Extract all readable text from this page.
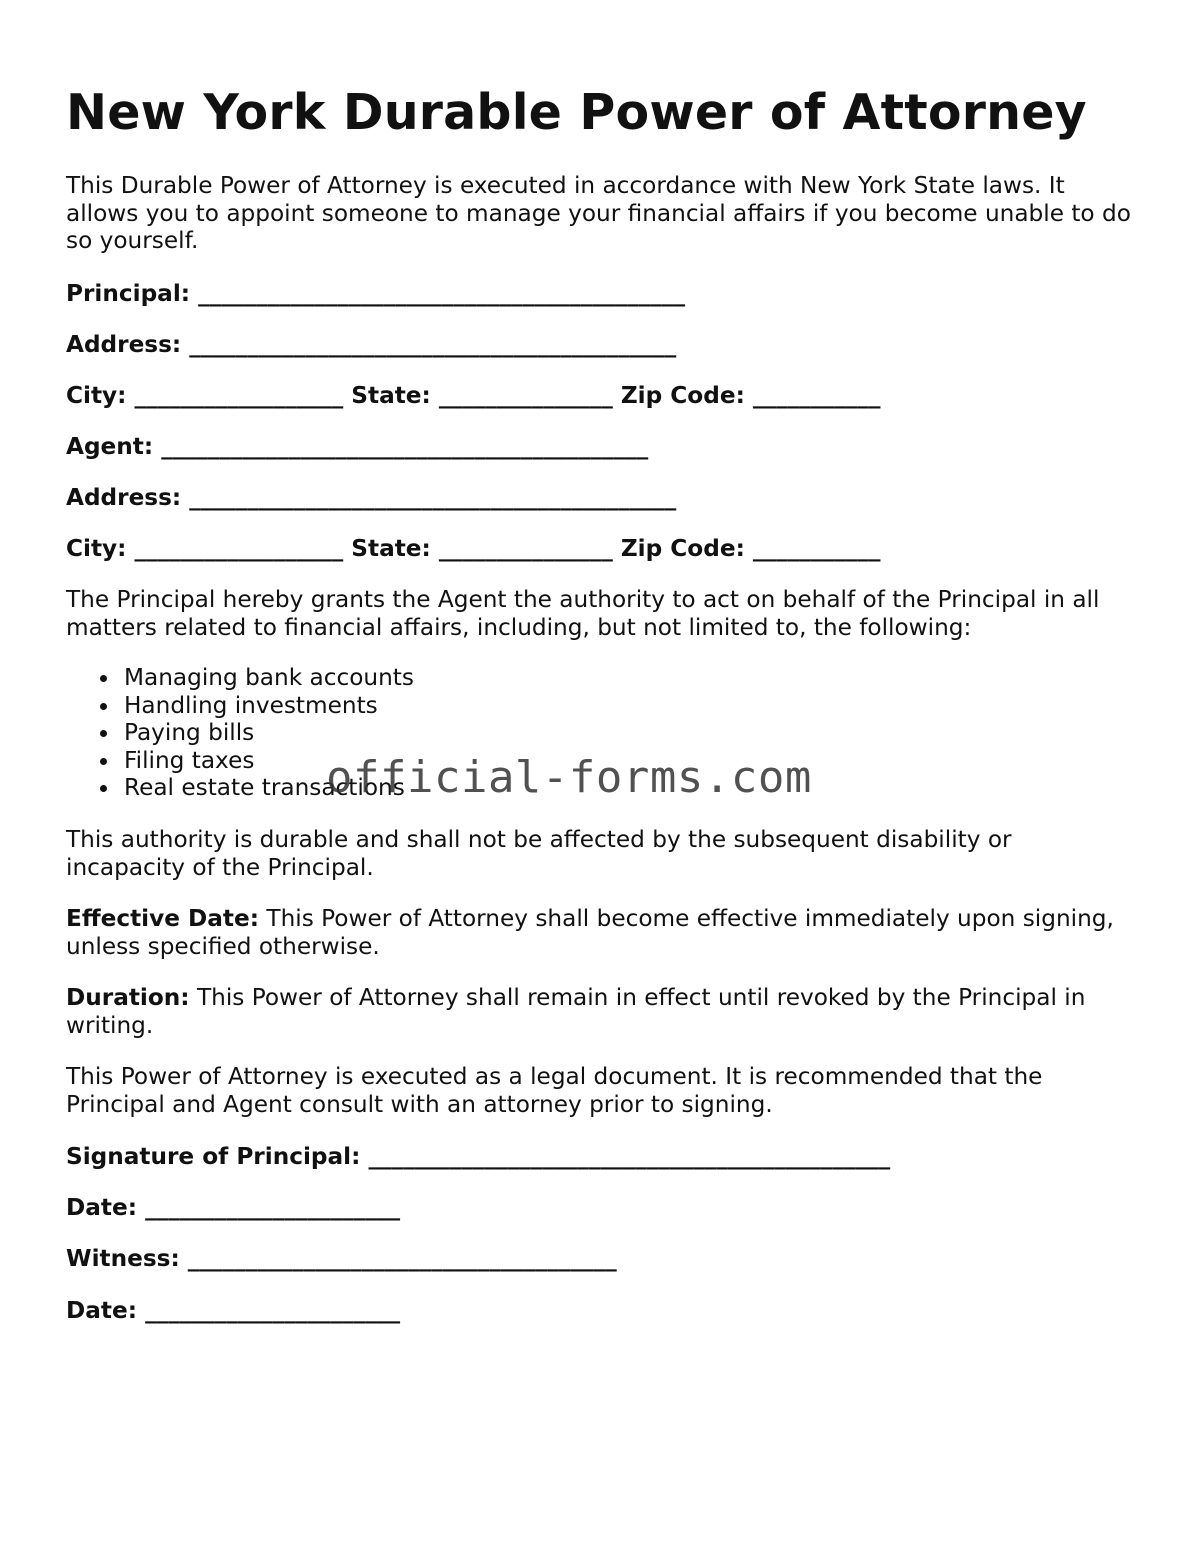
New York Durable Power of Attorney

This Durable Power of Attorney is executed in accordance with New York State laws. It allows you to appoint someone to manage your financial affairs if you become unable to do so yourself.

Principal: __________________________________________
Address: __________________________________________
City: __________________ State: _______________ Zip Code: ___________
Agent: __________________________________________
Address: __________________________________________
City: __________________ State: _______________ Zip Code: ___________

The Principal hereby grants the Agent the authority to act on behalf of the Principal in all matters related to financial affairs, including, but not limited to, the following:

Managing bank accounts
Handling investments
Paying bills
Filing taxes
Real estate transactions

This authority is durable and shall not be affected by the subsequent disability or incapacity of the Principal.

Effective Date: This Power of Attorney shall become effective immediately upon signing, unless specified otherwise.

Duration: This Power of Attorney shall remain in effect until revoked by the Principal in writing.

This Power of Attorney is executed as a legal document. It is recommended that the Principal and Agent consult with an attorney prior to signing.

Signature of Principal: _____________________________________________
Date: ______________________
Witness: _____________________________________
Date: ______________________
official-forms.com
